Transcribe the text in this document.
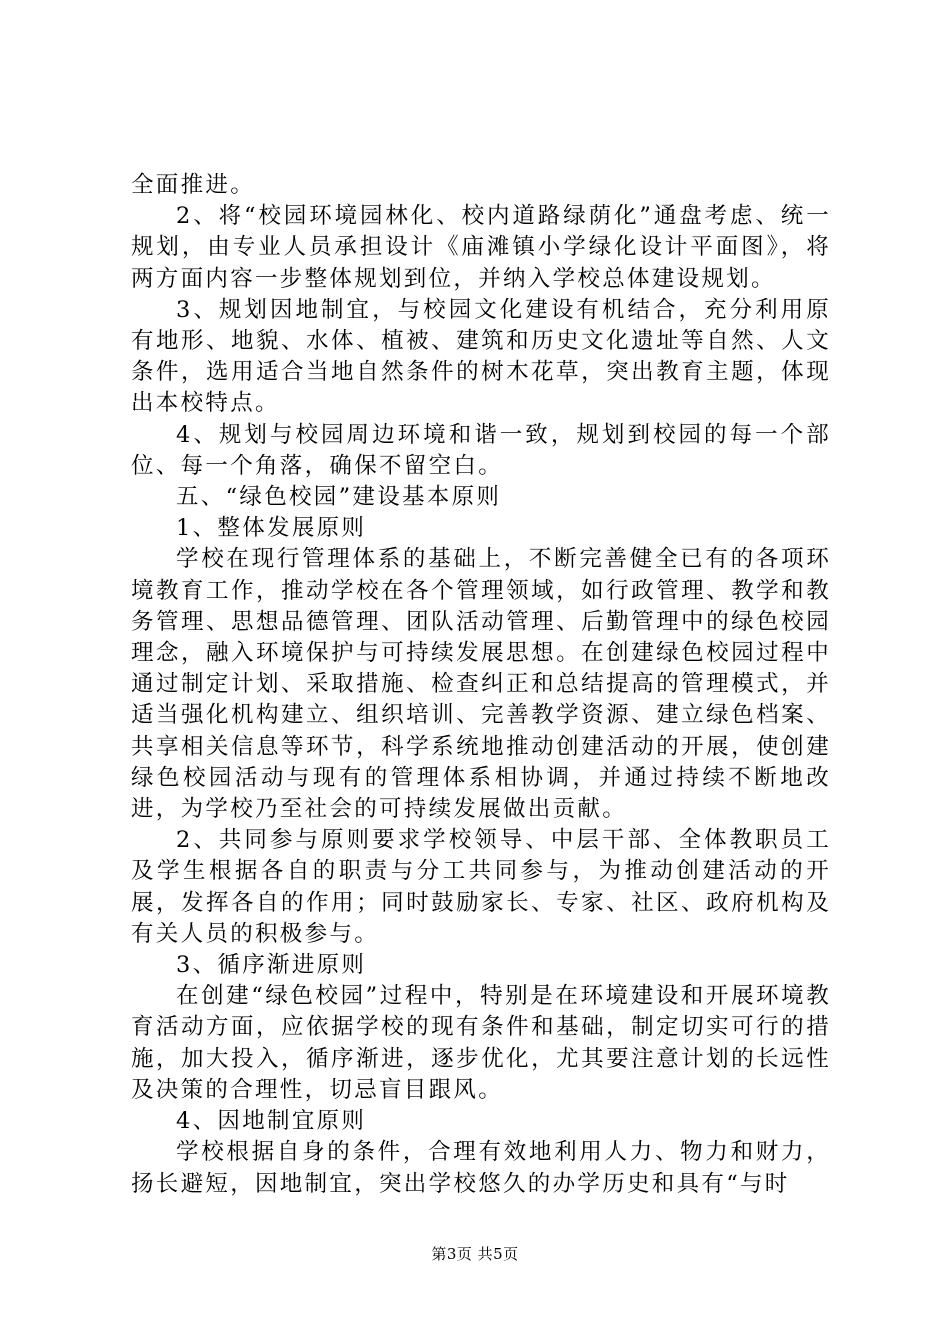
全面推进。

2、将“校园环境园林化、校内道路绿荫化”通盘考虑、统一规划，由专业人员承担设计《庙滩镇小学绿化设计平面图》，将两方面内容一步整体规划到位，并纳入学校总体建设规划。

3、规划因地制宜，与校园文化建设有机结合，充分利用原有地形、地貌、水体、植被、建筑和历史文化遗址等自然、人文条件，选用适合当地自然条件的树木花草，突出教育主题，体现出本校特点。

4、规划与校园周边环境和谐一致，规划到校园的每一个部位、每一个角落，确保不留空白。

五、“绿色校园”建设基本原则

1、整体发展原则

学校在现行管理体系的基础上，不断完善健全已有的各项环境教育工作，推动学校在各个管理领域，如行政管理、教学和教务管理、思想品德管理、团队活动管理、后勤管理中的绿色校园理念，融入环境保护与可持续发展思想。在创建绿色校园过程中通过制定计划、采取措施、检查纠正和总结提高的管理模式，并适当强化机构建立、组织培训、完善教学资源、建立绿色档案、共享相关信息等环节，科学系统地推动创建活动的开展，使创建绿色校园活动与现有的管理体系相协调，并通过持续不断地改进，为学校乃至社会的可持续发展做出贡献。

2、共同参与原则要求学校领导、中层干部、全体教职员工及学生根据各自的职责与分工共同参与，为推动创建活动的开展，发挥各自的作用；同时鼓励家长、专家、社区、政府机构及有关人员的积极参与。

3、循序渐进原则

在创建“绿色校园”过程中，特别是在环境建设和开展环境教育活动方面，应依据学校的现有条件和基础，制定切实可行的措施，加大投入，循序渐进，逐步优化，尤其要注意计划的长远性及决策的合理性，切忌盲目跟风。

4、因地制宜原则

学校根据自身的条件，合理有效地利用人力、物力和财力，扬长避短，因地制宜，突出学校悠久的办学历史和具有“与时

第3页 共5页
